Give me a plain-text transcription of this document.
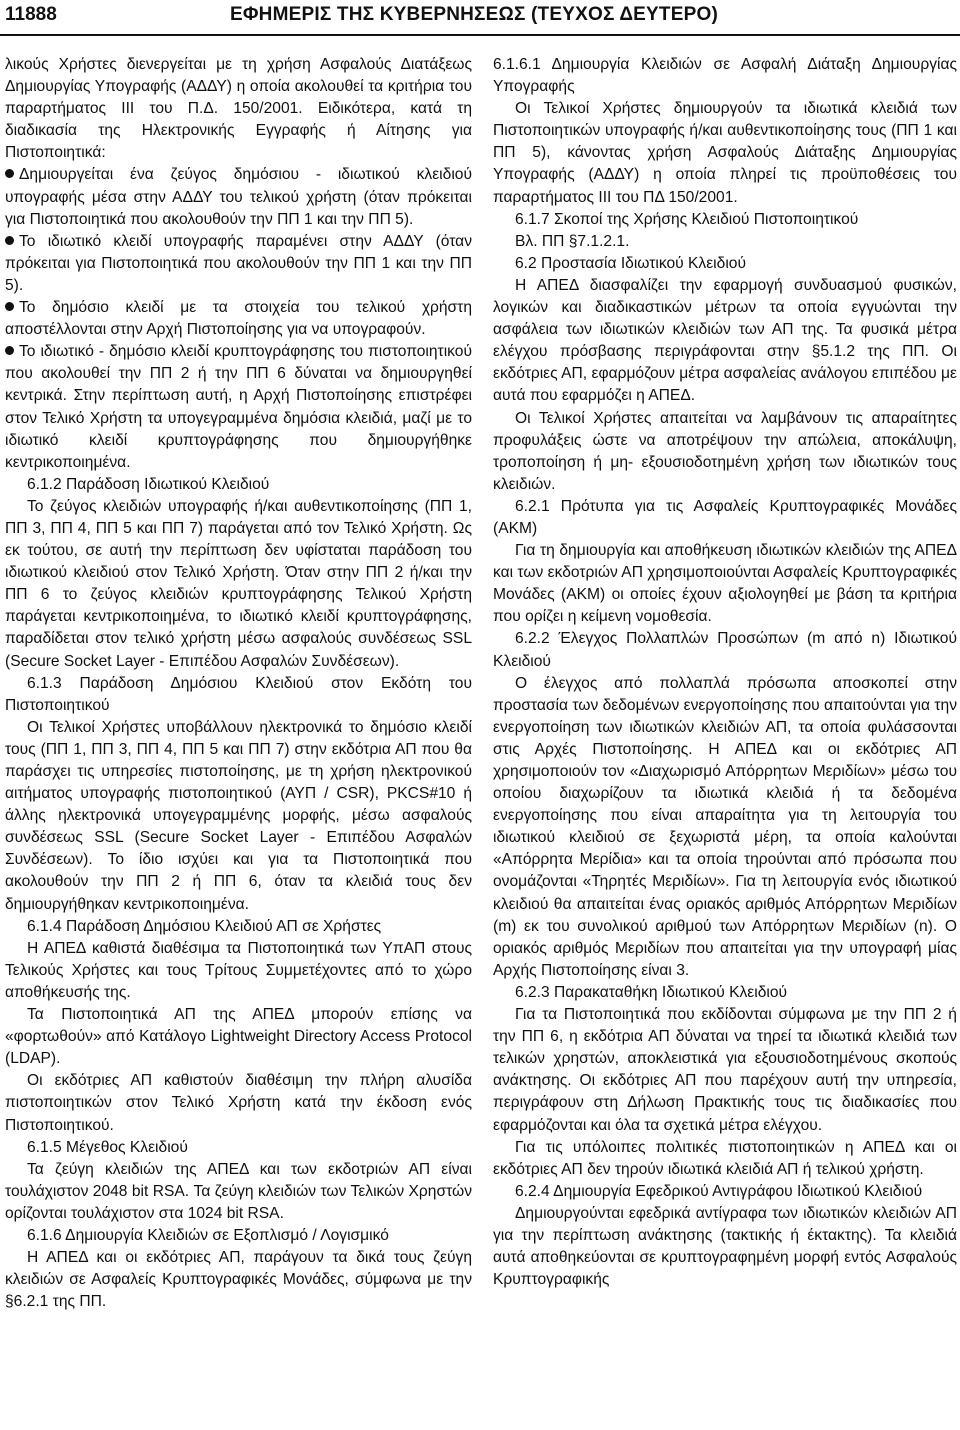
11888	ΕΦΗΜΕΡΙΣ ΤΗΣ ΚΥΒΕΡΝΗΣΕΩΣ (ΤΕΥΧΟΣ ΔΕΥΤΕΡΟ)

λικούς Χρήστες διενεργείται με τη χρήση Ασφαλούς Διατάξεως Δημιουργίας Υπογραφής (ΑΔΔΥ) η οποία ακολουθεί τα κριτήρια του παραρτήματος ΙΙΙ του Π.Δ. 150/2001. Ειδικότερα, κατά τη διαδικασία της Ηλεκτρονικής Εγγραφής ή Αίτησης για Πιστοποιητικά:

Δημιουργείται ένα ζεύγος δημόσιου - ιδιωτικού κλειδιού υπογραφής μέσα στην ΑΔΔΥ του τελικού χρήστη (όταν πρόκειται για Πιστοποιητικά που ακολουθούν την ΠΠ 1 και την ΠΠ 5).

Το ιδιωτικό κλειδί υπογραφής παραμένει στην ΑΔΔΥ (όταν πρόκειται για Πιστοποιητικά που ακολουθούν την ΠΠ 1 και την ΠΠ 5).

Το δημόσιο κλειδί με τα στοιχεία του τελικού χρήστη αποστέλλονται στην Αρχή Πιστοποίησης για να υπογραφούν.

Το ιδιωτικό - δημόσιο κλειδί κρυπτογράφησης του πιστοποιητικού που ακολουθεί την ΠΠ 2 ή την ΠΠ 6 δύναται να δημιουργηθεί κεντρικά. Στην περίπτωση αυτή, η Αρχή Πιστοποίησης επιστρέφει στον Τελικό Χρήστη τα υπογεγραμμένα δημόσια κλειδιά, μαζί με το ιδιωτικό κλειδί κρυπτογράφησης που δημιουργήθηκε κεντρικοποιημένα.

6.1.2 Παράδοση Ιδιωτικού Κλειδιού

Το ζεύγος κλειδιών υπογραφής ή/και αυθεντικοποίησης (ΠΠ 1, ΠΠ 3, ΠΠ 4, ΠΠ 5 και ΠΠ 7) παράγεται από τον Τελικό Χρήστη. Ως εκ τούτου, σε αυτή την περίπτωση δεν υφίσταται παράδοση του ιδιωτικού κλειδιού στον Τελικό Χρήστη. Όταν στην ΠΠ 2 ή/και την ΠΠ 6 το ζεύγος κλειδιών κρυπτογράφησης Τελικού Χρήστη παράγεται κεντρικοποιημένα, το ιδιωτικό κλειδί κρυπτογράφησης, παραδίδεται στον τελικό χρήστη μέσω ασφαλούς συνδέσεως SSL (Secure Socket Layer - Επιπέδου Ασφαλών Συνδέσεων).

6.1.3 Παράδοση Δημόσιου Κλειδιού στον Εκδότη του Πιστοποιητικού

Οι Τελικοί Χρήστες υποβάλλουν ηλεκτρονικά το δημόσιο κλειδί τους (ΠΠ 1, ΠΠ 3, ΠΠ 4, ΠΠ 5 και ΠΠ 7) στην εκδότρια ΑΠ που θα παράσχει τις υπηρεσίες πιστοποίησης, με τη χρήση ηλεκτρονικού αιτήματος υπογραφής πιστοποιητικού (ΑΥΠ / CSR), PKCS#10 ή άλλης ηλεκτρονικά υπογεγραμμένης μορφής, μέσω ασφαλούς συνδέσεως SSL (Secure Socket Layer - Επιπέδου Ασφαλών Συνδέσεων). Το ίδιο ισχύει και για τα Πιστοποιητικά που ακολουθούν την ΠΠ 2 ή ΠΠ 6, όταν τα κλειδιά τους δεν δημιουργήθηκαν κεντρικοποιημένα.

6.1.4 Παράδοση Δημόσιου Κλειδιού ΑΠ σε Χρήστες

Η ΑΠΕΔ καθιστά διαθέσιμα τα Πιστοποιητικά των ΥπΑΠ στους Τελικούς Χρήστες και τους Τρίτους Συμμετέχοντες από το χώρο αποθήκευσής της.

Τα Πιστοποιητικά ΑΠ της ΑΠΕΔ μπορούν επίσης να «φορτωθούν» από Κατάλογο Lightweight Directory Access Protocol (LDAP).

Οι εκδότριες ΑΠ καθιστούν διαθέσιμη την πλήρη αλυσίδα πιστοποιητικών στον Τελικό Χρήστη κατά την έκδοση ενός Πιστοποιητικού.

6.1.5 Μέγεθος Κλειδιού

Τα ζεύγη κλειδιών της ΑΠΕΔ και των εκδοτριών ΑΠ είναι τουλάχιστον 2048 bit RSA. Τα ζεύγη κλειδιών των Τελικών Χρηστών ορίζονται τουλάχιστον στα 1024 bit RSA.

6.1.6 Δημιουργία Κλειδιών σε Εξοπλισμό / Λογισμικό

Η ΑΠΕΔ και οι εκδότριες ΑΠ, παράγουν τα δικά τους ζεύγη κλειδιών σε Ασφαλείς Κρυπτογραφικές Μονάδες, σύμφωνα με την §6.2.1 της ΠΠ.

6.1.6.1 Δημιουργία Κλειδιών σε Ασφαλή Διάταξη Δημιουργίας Υπογραφής

Οι Τελικοί Χρήστες δημιουργούν τα ιδιωτικά κλειδιά των Πιστοποιητικών υπογραφής ή/και αυθεντικοποίησης τους (ΠΠ 1 και ΠΠ 5), κάνοντας χρήση Ασφαλούς Διάταξης Δημιουργίας Υπογραφής (ΑΔΔΥ) η οποία πληρεί τις προϋποθέσεις του παραρτήματος ΙΙΙ του ΠΔ 150/2001.

6.1.7 Σκοποί της Χρήσης Κλειδιού Πιστοποιητικού

Βλ. ΠΠ §7.1.2.1.

6.2 Προστασία Ιδιωτικού Κλειδιού

Η ΑΠΕΔ διασφαλίζει την εφαρμογή συνδυασμού φυσικών, λογικών και διαδικαστικών μέτρων τα οποία εγγυώνται την ασφάλεια των ιδιωτικών κλειδιών των ΑΠ της. Τα φυσικά μέτρα ελέγχου πρόσβασης περιγράφονται στην §5.1.2 της ΠΠ. Οι εκδότριες ΑΠ, εφαρμόζουν μέτρα ασφαλείας ανάλογου επιπέδου με αυτά που εφαρμόζει η ΑΠΕΔ.

Οι Τελικοί Χρήστες απαιτείται να λαμβάνουν τις απαραίτητες προφυλάξεις ώστε να αποτρέψουν την απώλεια, αποκάλυψη, τροποποίηση ή μη- εξουσιοδοτημένη χρήση των ιδιωτικών τους κλειδιών.

6.2.1 Πρότυπα για τις Ασφαλείς Κρυπτογραφικές Μονάδες (ΑΚΜ)

Για τη δημιουργία και αποθήκευση ιδιωτικών κλειδιών της ΑΠΕΔ και των εκδοτριών ΑΠ χρησιμοποιούνται Ασφαλείς Κρυπτογραφικές Μονάδες (ΑΚΜ) οι οποίες έχουν αξιολογηθεί με βάση τα κριτήρια που ορίζει η κείμενη νομοθεσία.

6.2.2 Έλεγχος Πολλαπλών Προσώπων (m από n) Ιδιωτικού Κλειδιού

Ο έλεγχος από πολλαπλά πρόσωπα αποσκοπεί στην προστασία των δεδομένων ενεργοποίησης που απαιτούνται για την ενεργοποίηση των ιδιωτικών κλειδιών ΑΠ, τα οποία φυλάσσονται στις Αρχές Πιστοποίησης. Η ΑΠΕΔ και οι εκδότριες ΑΠ χρησιμοποιούν τον «Διαχωρισμό Απόρρητων Μεριδίων» μέσω του οποίου διαχωρίζουν τα ιδιωτικά κλειδιά ή τα δεδομένα ενεργοποίησης που είναι απαραίτητα για τη λειτουργία του ιδιωτικού κλειδιού σε ξεχωριστά μέρη, τα οποία καλούνται «Απόρρητα Μερίδια» και τα οποία τηρούνται από πρόσωπα που ονομάζονται «Τηρητές Μεριδίων». Για τη λειτουργία ενός ιδιωτικού κλειδιού θα απαιτείται ένας οριακός αριθμός Απόρρητων Μεριδίων (m) εκ του συνολικού αριθμού των Απόρρητων Μεριδίων (n). Ο οριακός αριθμός Μεριδίων που απαιτείται για την υπογραφή μίας Αρχής Πιστοποίησης είναι 3.

6.2.3 Παρακαταθήκη Ιδιωτικού Κλειδιού

Για τα Πιστοποιητικά που εκδίδονται σύμφωνα με την ΠΠ 2 ή την ΠΠ 6, η εκδότρια ΑΠ δύναται να τηρεί τα ιδιωτικά κλειδιά των τελικών χρηστών, αποκλειστικά για εξουσιοδοτημένους σκοπούς ανάκτησης. Οι εκδότριες ΑΠ που παρέχουν αυτή την υπηρεσία, περιγράφουν στη Δήλωση Πρακτικής τους τις διαδικασίες που εφαρμόζονται και όλα τα σχετικά μέτρα ελέγχου.

Για τις υπόλοιπες πολιτικές πιστοποιητικών η ΑΠΕΔ και οι εκδότριες ΑΠ δεν τηρούν ιδιωτικά κλειδιά ΑΠ ή τελικού χρήστη.

6.2.4 Δημιουργία Εφεδρικού Αντιγράφου Ιδιωτικού Κλειδιού

Δημιουργούνται εφεδρικά αντίγραφα των ιδιωτικών κλειδιών ΑΠ για την περίπτωση ανάκτησης (τακτικής ή έκτακτης). Τα κλειδιά αυτά αποθηκεύονται σε κρυπτογραφημένη μορφή εντός Ασφαλούς Κρυπτογραφικής
